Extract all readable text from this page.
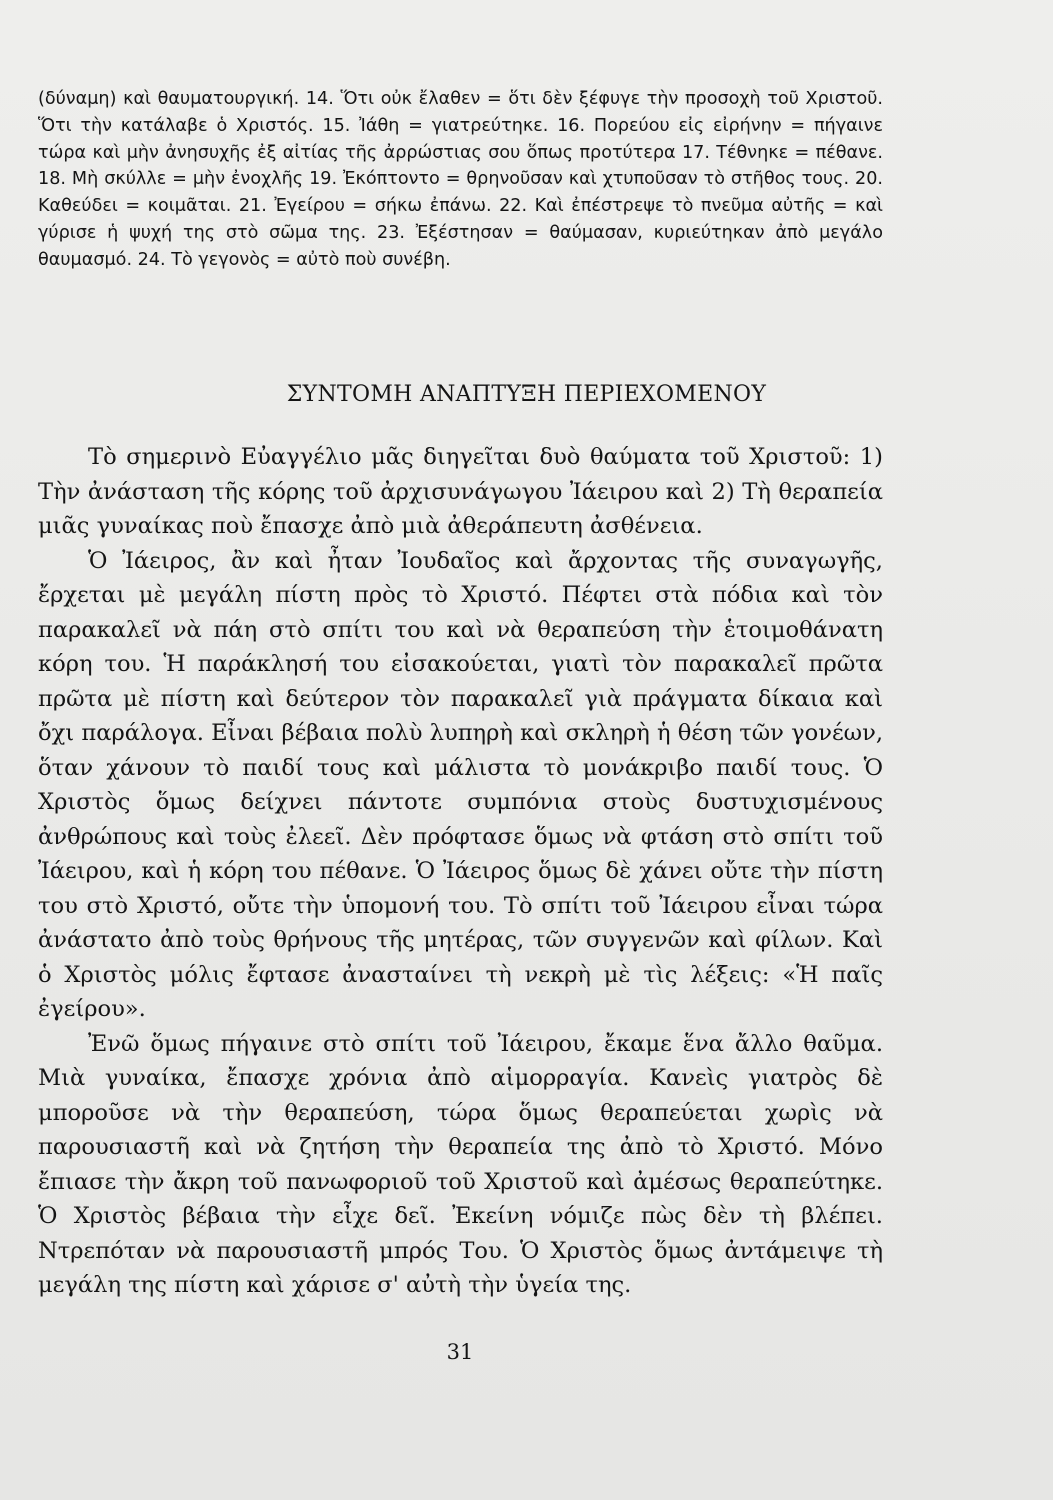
(δύναμη) καὶ θαυματουργική. 14. Ὅτι οὐκ ἔλαθεν = ὅτι δὲν ξέφυγε τὴν προσοχὴ τοῦ Χριστοῦ. Ὅτι τὴν κατάλαβε ὁ Χριστός. 15. Ἰάθη = γιατρεύτηκε. 16. Πορεύου εἰς εἰρήνην = πήγαινε τώρα καὶ μὴν ἀνησυχῆς ἐξ αἰτίας τῆς ἀρρώστιας σου ὅπως προτύτερα 17. Τέθνηκε = πέθανε. 18. Μὴ σκύλλε = μὴν ἐνοχλῆς 19. Ἐκόπτοντο = θρηνοῦσαν καὶ χτυποῦσαν τὸ στῆθος τους. 20. Καθεύδει = κοιμᾶται. 21. Ἐγείρου = σήκω ἐπάνω. 22. Καὶ ἐπέστρεψε τὸ πνεῦμα αὐτῆς = καὶ γύρισε ἡ ψυχή της στὸ σῶμα της. 23. Ἐξέστησαν = θαύμασαν, κυριεύτηκαν ἀπὸ μεγάλο θαυμασμό. 24. Τὸ γεγονὸς = αὐτὸ ποὺ συνέβη.
ΣΥΝΤΟΜΗ ΑΝΑΠΤΥΞΗ ΠΕΡΙΕΧΟΜΕΝΟΥ

Τὸ σημερινὸ Εὐαγγέλιο μᾶς διηγεῖται δυὸ θαύματα τοῦ Χριστοῦ: 1) Τὴν ἀνάσταση τῆς κόρης τοῦ ἀρχισυνάγωγου Ἰάειρου καὶ 2) Τὴ θεραπεία μιᾶς γυναίκας ποὺ ἔπασχε ἀπὸ μιὰ ἀθεράπευτη ἀσθένεια.

Ὁ Ἰάειρος, ἂν καὶ ἦταν Ἰουδαῖος καὶ ἄρχοντας τῆς συναγωγῆς, ἔρχεται μὲ μεγάλη πίστη πρὸς τὸ Χριστό. Πέφτει στὰ πόδια καὶ τὸν παρακαλεῖ νὰ πάη στὸ σπίτι του καὶ νὰ θεραπεύση τὴν ἑτοιμοθάνατη κόρη του. Ἡ παράκλησή του εἰσακούεται, γιατὶ τὸν παρακαλεῖ πρῶτα πρῶτα μὲ πίστη καὶ δεύτερον τὸν παρακαλεῖ γιὰ πράγματα δίκαια καὶ ὄχι παράλογα. Εἶναι βέβαια πολὺ λυπηρὴ καὶ σκληρὴ ἡ θέση τῶν γονέων, ὅταν χάνουν τὸ παιδί τους καὶ μάλιστα τὸ μονάκριβο παιδί τους. Ὁ Χριστὸς ὅμως δείχνει πάντοτε συμπόνια στοὺς δυστυχισμένους ἀνθρώπους καὶ τοὺς ἐλεεῖ. Δὲν πρόφτασε ὅμως νὰ φτάση στὸ σπίτι τοῦ Ἰάειρου, καὶ ἡ κόρη του πέθανε. Ὁ Ἰάειρος ὅμως δὲ χάνει οὔτε τὴν πίστη του στὸ Χριστό, οὔτε τὴν ὑπομονή του. Τὸ σπίτι τοῦ Ἰάειρου εἶναι τώρα ἀνάστατο ἀπὸ τοὺς θρήνους τῆς μητέρας, τῶν συγγενῶν καὶ φίλων. Καὶ ὁ Χριστὸς μόλις ἔφτασε ἀνασταίνει τὴ νεκρὴ μὲ τὶς λέξεις: «Ἡ παῖς ἐγείρου».

Ἐνῶ ὅμως πήγαινε στὸ σπίτι τοῦ Ἰάειρου, ἔκαμε ἕνα ἄλλο θαῦμα. Μιὰ γυναίκα, ἔπασχε χρόνια ἀπὸ αἱμορραγία. Κανεὶς γιατρὸς δὲ μποροῦσε νὰ τὴν θεραπεύση, τώρα ὅμως θεραπεύεται χωρὶς νὰ παρουσιαστῆ καὶ νὰ ζητήση τὴν θεραπεία της ἀπὸ τὸ Χριστό. Μόνο ἔπιασε τὴν ἄκρη τοῦ πανωφοριοῦ τοῦ Χριστοῦ καὶ ἀμέσως θεραπεύτηκε. Ὁ Χριστὸς βέβαια τὴν εἶχε δεῖ. Ἐκείνη νόμιζε πὼς δὲν τὴ βλέπει. Ντρεπόταν νὰ παρουσιαστῆ μπρός Του. Ὁ Χριστὸς ὅμως ἀντάμειψε τὴ μεγάλη της πίστη καὶ χάρισε σ' αὐτὴ τὴν ὑγεία της.

31
